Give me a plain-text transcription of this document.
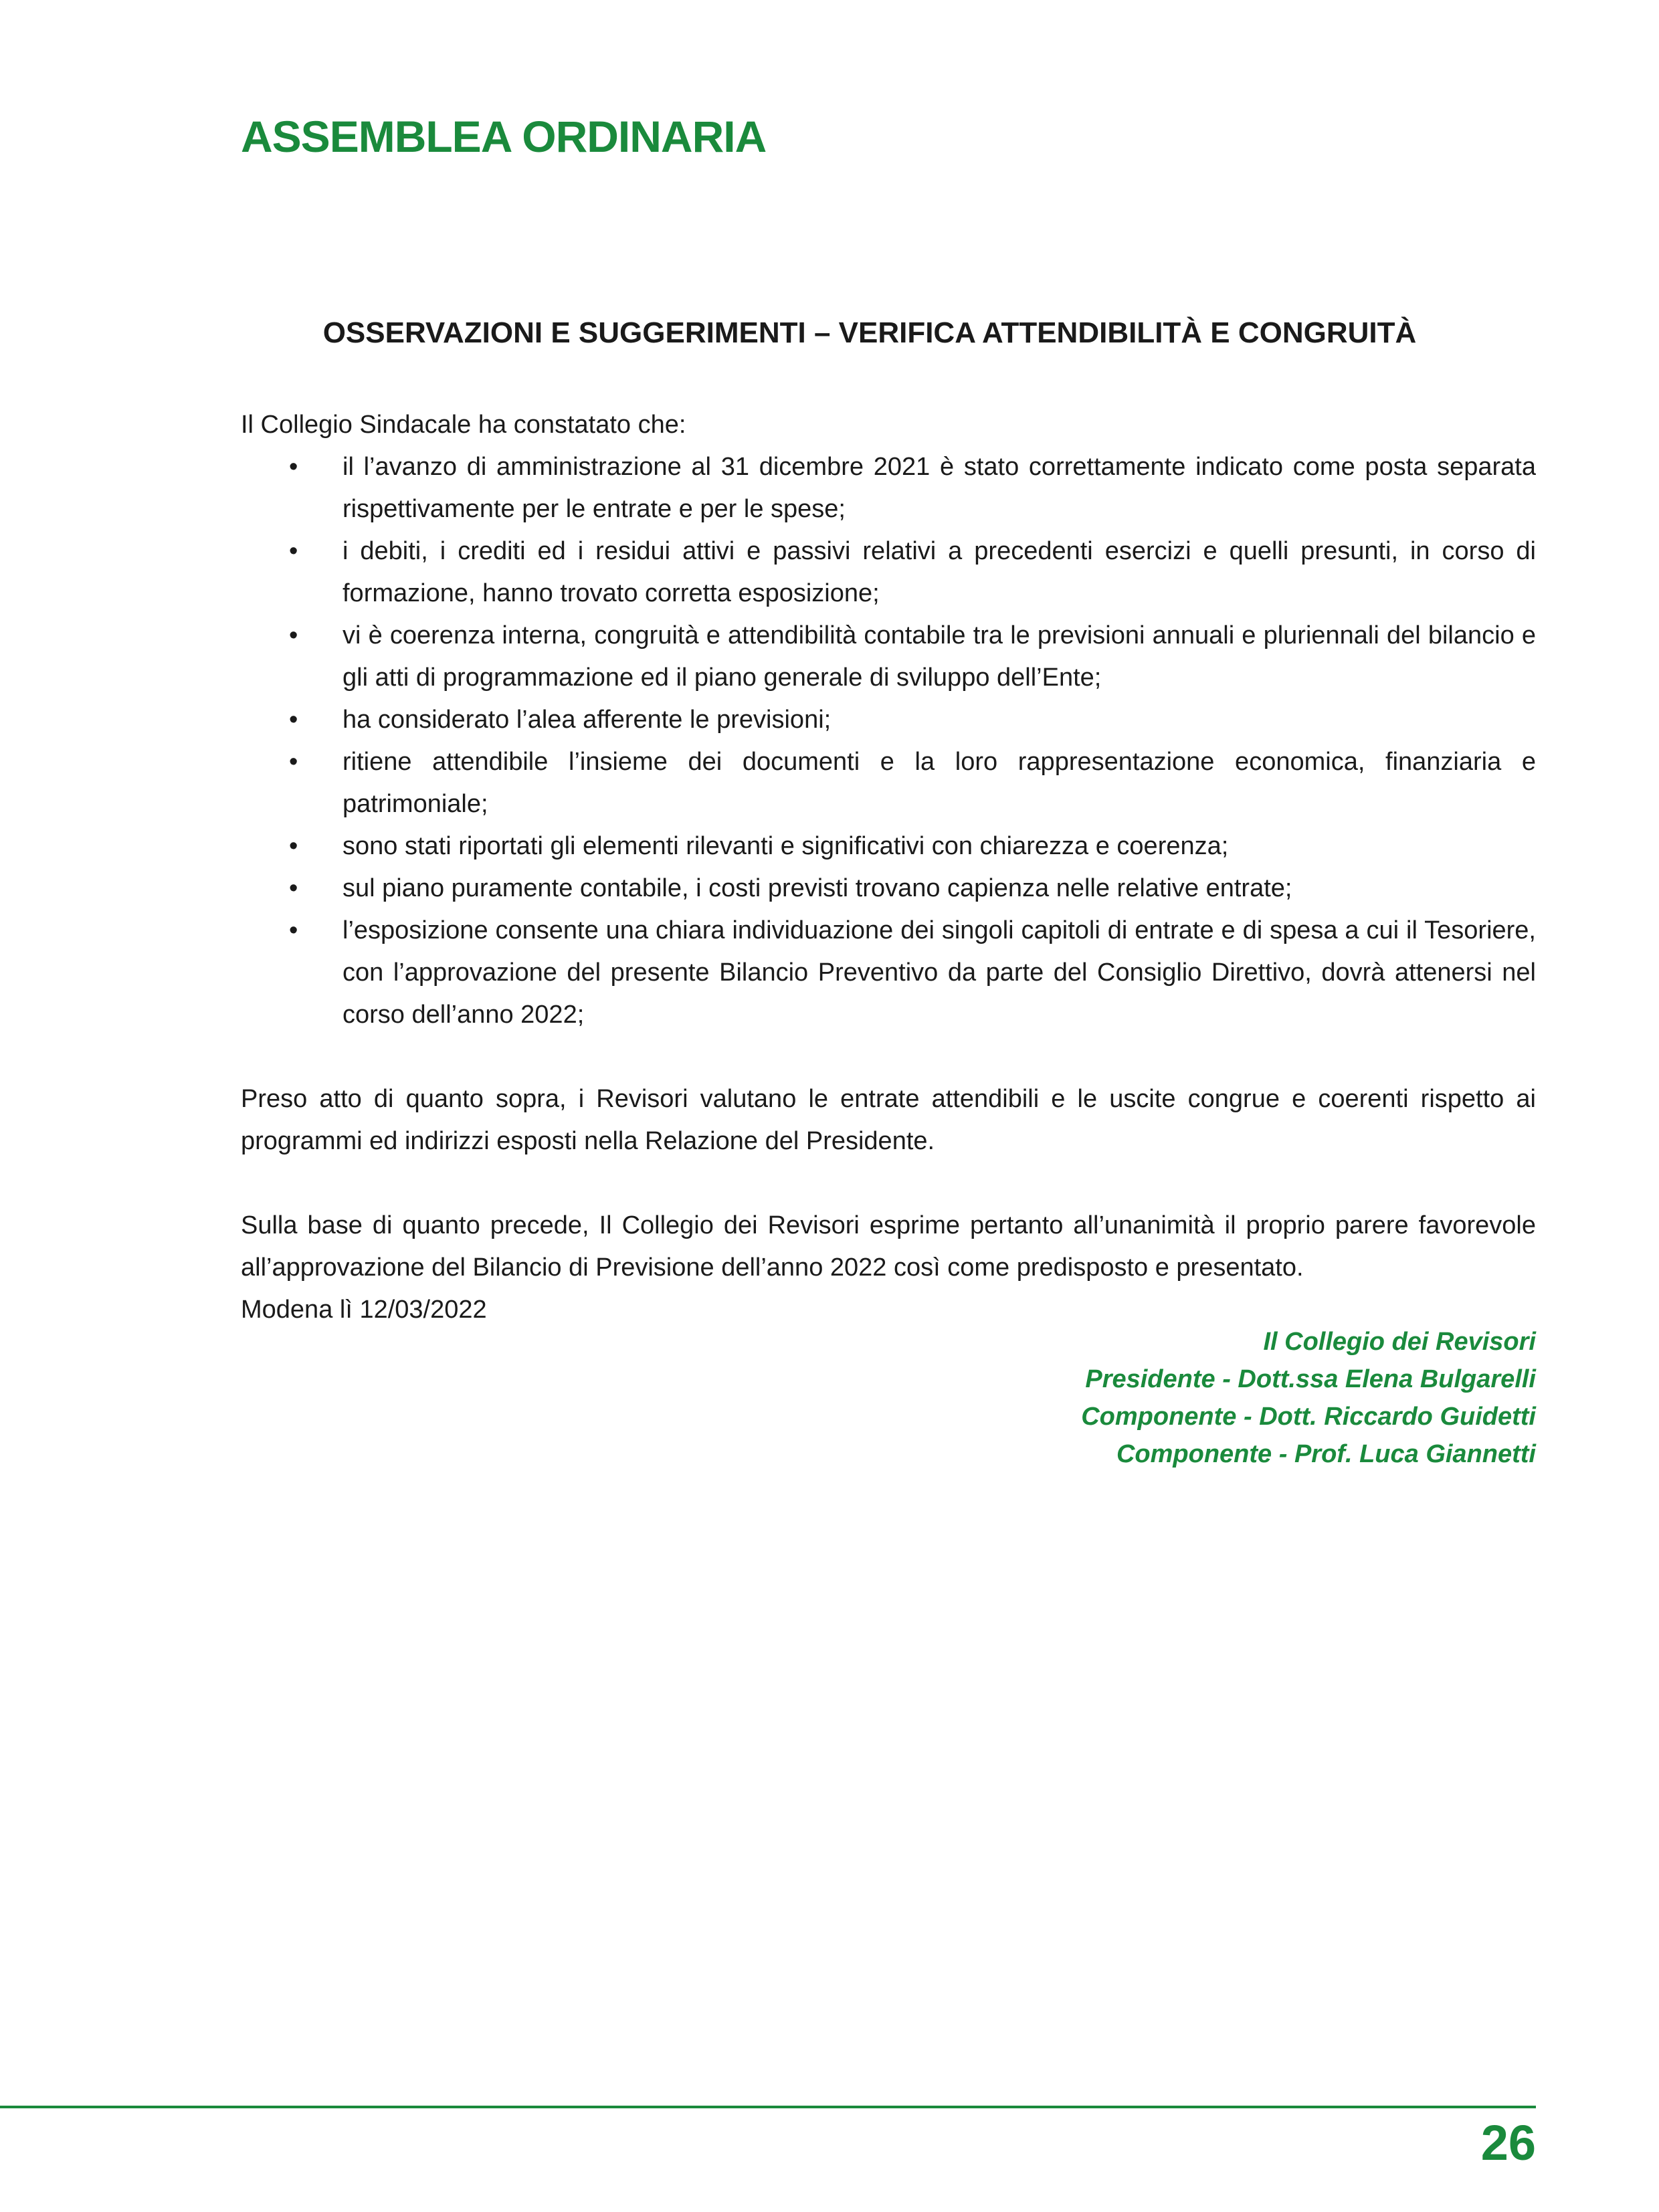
ASSEMBLEA ORDINARIA
OSSERVAZIONI E SUGGERIMENTI – VERIFICA ATTENDIBILITÀ E CONGRUITÀ

Il Collegio Sindacale ha constatato che:

•	il l’avanzo di amministrazione al 31 dicembre 2021 è stato correttamente indicato come posta separata rispettivamente per le entrate e per le spese;
•	i debiti, i crediti ed i residui attivi e passivi relativi a precedenti esercizi e quelli presunti, in corso di formazione, hanno trovato corretta esposizione;
•	vi è coerenza interna, congruità e attendibilità contabile tra le previsioni annuali e pluriennali del bilancio e gli atti di programmazione ed il piano generale di sviluppo dell’Ente;
•	ha considerato l’alea afferente le previsioni;
•	ritiene attendibile l’insieme dei documenti e la loro rappresentazione economica, finanziaria e patrimoniale;
•	sono stati riportati gli elementi rilevanti e significativi con chiarezza e coerenza;
•	sul piano puramente contabile, i costi previsti trovano capienza nelle relative entrate;
•	l’esposizione consente una chiara individuazione dei singoli capitoli di entrate e di spesa a cui il Tesoriere, con l’approvazione del presente Bilancio Preventivo da parte del Consiglio Direttivo, dovrà attenersi nel corso dell’anno 2022;

Preso atto di quanto sopra, i Revisori valutano le entrate attendibili e le uscite congrue e coerenti rispetto ai programmi ed indirizzi esposti nella Relazione del Presidente.

Sulla base di quanto precede, Il Collegio dei Revisori esprime pertanto all’unanimità il proprio parere favorevole all’approvazione del Bilancio di Previsione dell’anno 2022 così come predisposto e presentato.

Modena lì 12/03/2022

Il Collegio dei Revisori
Presidente - Dott.ssa Elena Bulgarelli
Componente - Dott. Riccardo Guidetti
Componente - Prof. Luca Giannetti
26
